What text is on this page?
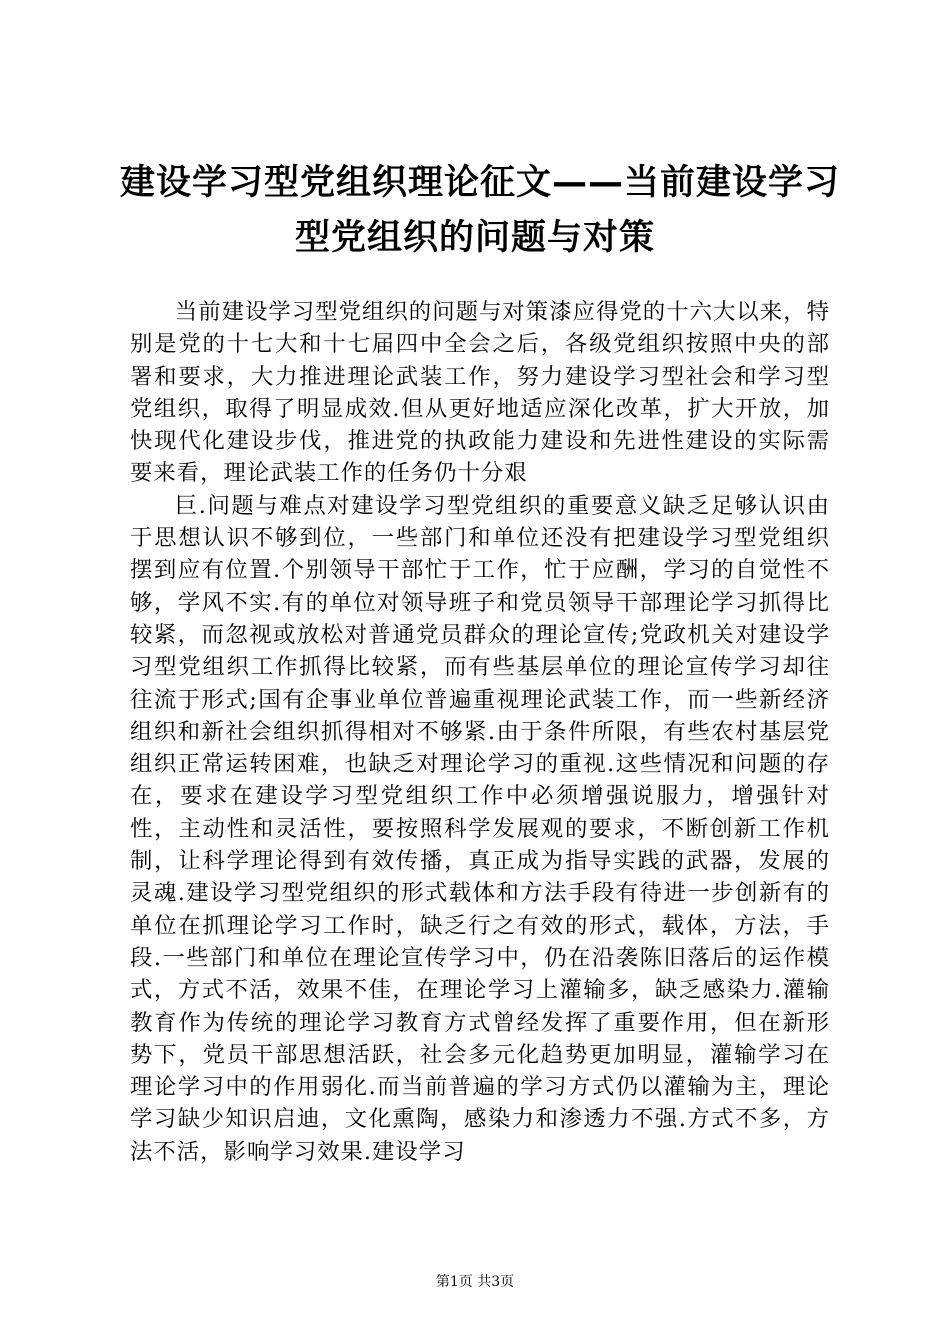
建设学习型党组织理论征文——当前建设学习
型党组织的问题与对策

当前建设学习型党组织的问题与对策漆应得党的十六大以来，特别是党的十七大和十七届四中全会之后，各级党组织按照中央的部署和要求，大力推进理论武装工作，努力建设学习型社会和学习型党组织，取得了明显成效.但从更好地适应深化改革，扩大开放，加快现代化建设步伐，推进党的执政能力建设和先进性建设的实际需要来看，理论武装工作的任务仍十分艰

巨.问题与难点对建设学习型党组织的重要意义缺乏足够认识由于思想认识不够到位，一些部门和单位还没有把建设学习型党组织摆到应有位置.个别领导干部忙于工作，忙于应酬，学习的自觉性不够，学风不实.有的单位对领导班子和党员领导干部理论学习抓得比较紧，而忽视或放松对普通党员群众的理论宣传;党政机关对建设学习型党组织工作抓得比较紧，而有些基层单位的理论宣传学习却往往流于形式;国有企事业单位普遍重视理论武装工作，而一些新经济组织和新社会组织抓得相对不够紧.由于条件所限，有些农村基层党组织正常运转困难，也缺乏对理论学习的重视.这些情况和问题的存在，要求在建设学习型党组织工作中必须增强说服力，增强针对性，主动性和灵活性，要按照科学发展观的要求，不断创新工作机制，让科学理论得到有效传播，真正成为指导实践的武器，发展的灵魂.建设学习型党组织的形式载体和方法手段有待进一步创新有的单位在抓理论学习工作时，缺乏行之有效的形式，载体，方法，手段.一些部门和单位在理论宣传学习中，仍在沿袭陈旧落后的运作模式，方式不活，效果不佳，在理论学习上灌输多，缺乏感染力.灌输教育作为传统的理论学习教育方式曾经发挥了重要作用，但在新形势下，党员干部思想活跃，社会多元化趋势更加明显，灌输学习在理论学习中的作用弱化.而当前普遍的学习方式仍以灌输为主，理论学习缺少知识启迪，文化熏陶，感染力和渗透力不强.方式不多，方法不活，影响学习效果.建设学习

第1页 共3页
